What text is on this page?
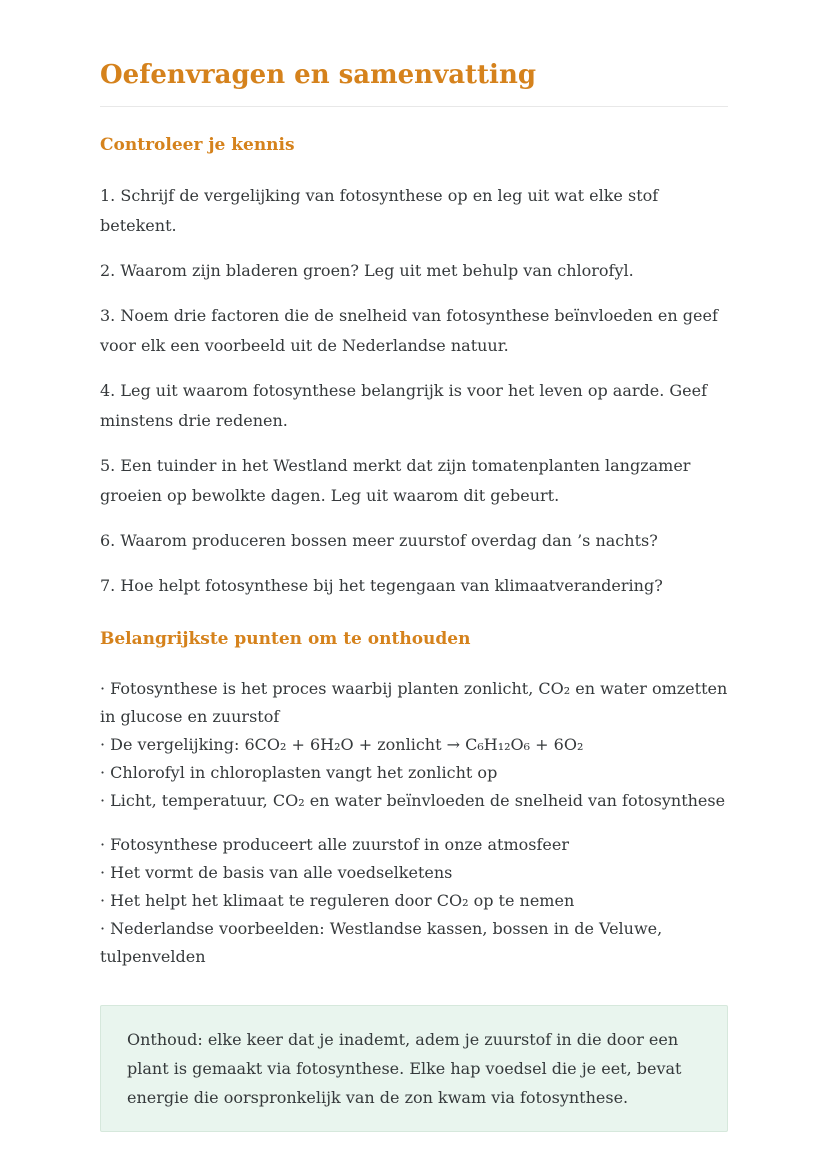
Oefenvragen en samenvatting
Controleer je kennis

1. Schrijf de vergelijking van fotosynthese op en leg uit wat elke stof betekent.

2. Waarom zijn bladeren groen? Leg uit met behulp van chlorofyl.

3. Noem drie factoren die de snelheid van fotosynthese beïnvloeden en geef voor elk een voorbeeld uit de Nederlandse natuur.

4. Leg uit waarom fotosynthese belangrijk is voor het leven op aarde. Geef minstens drie redenen.

5. Een tuinder in het Westland merkt dat zijn tomatenplanten langzamer groeien op bewolkte dagen. Leg uit waarom dit gebeurt.

6. Waarom produceren bossen meer zuurstof overdag dan ’s nachts?

7. Hoe helpt fotosynthese bij het tegengaan van klimaatverandering?

Belangrijkste punten om te onthouden

· Fotosynthese is het proces waarbij planten zonlicht, CO₂ en water omzetten in glucose en zuurstof

· De vergelijking: 6CO₂ + 6H₂O + zonlicht → C₆H₁₂O₆ + 6O₂

· Chlorofyl in chloroplasten vangt het zonlicht op

· Licht, temperatuur, CO₂ en water beïnvloeden de snelheid van fotosynthese

· Fotosynthese produceert alle zuurstof in onze atmosfeer

· Het vormt de basis van alle voedselketens

· Het helpt het klimaat te reguleren door CO₂ op te nemen

· Nederlandse voorbeelden: Westlandse kassen, bossen in de Veluwe, tulpenvelden

Onthoud: elke keer dat je inademt, adem je zuurstof in die door een plant is gemaakt via fotosynthese. Elke hap voedsel die je eet, bevat energie die oorspronkelijk van de zon kwam via fotosynthese.
